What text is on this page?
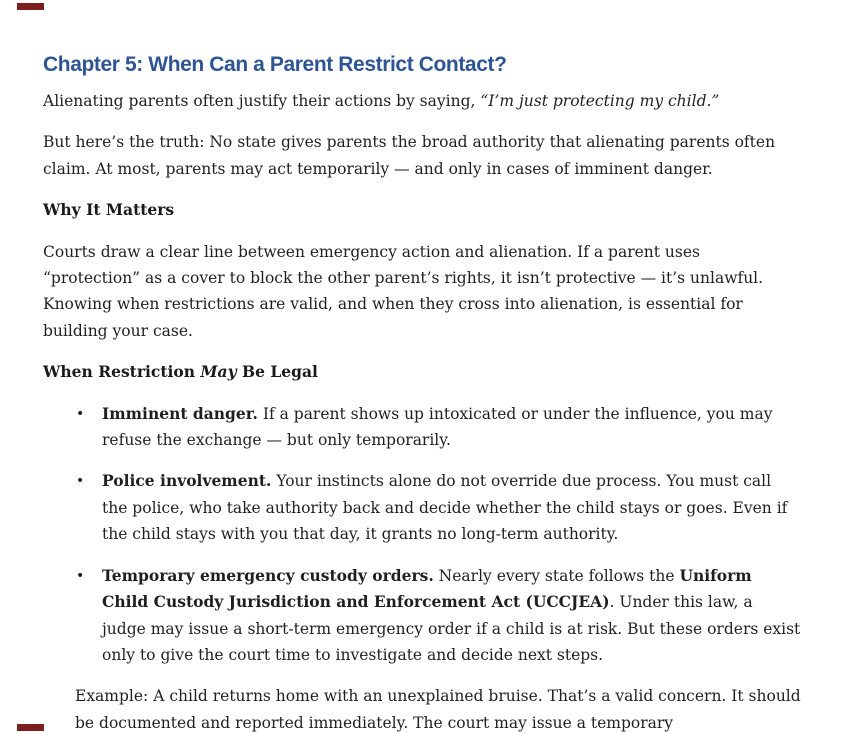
Chapter 5: When Can a Parent Restrict Contact?

Alienating parents often justify their actions by saying, “I’m just protecting my child.”

But here’s the truth: No state gives parents the broad authority that alienating parents often claim. At most, parents may act temporarily — and only in cases of imminent danger.

Why It Matters

Courts draw a clear line between emergency action and alienation. If a parent uses “protection” as a cover to block the other parent’s rights, it isn’t protective — it’s unlawful. Knowing when restrictions are valid, and when they cross into alienation, is essential for building your case.

When Restriction May Be Legal
• Imminent danger. If a parent shows up intoxicated or under the influence, you may refuse the exchange — but only temporarily.
• Police involvement. Your instincts alone do not override due process. You must call the police, who take authority back and decide whether the child stays or goes. Even if the child stays with you that day, it grants no long-term authority.
• Temporary emergency custody orders. Nearly every state follows the Uniform Child Custody Jurisdiction and Enforcement Act (UCCJEA). Under this law, a judge may issue a short-term emergency order if a child is at risk. But these orders exist only to give the court time to investigate and decide next steps.

Example: A child returns home with an unexplained bruise. That’s a valid concern. It should be documented and reported immediately. The court may issue a temporary
